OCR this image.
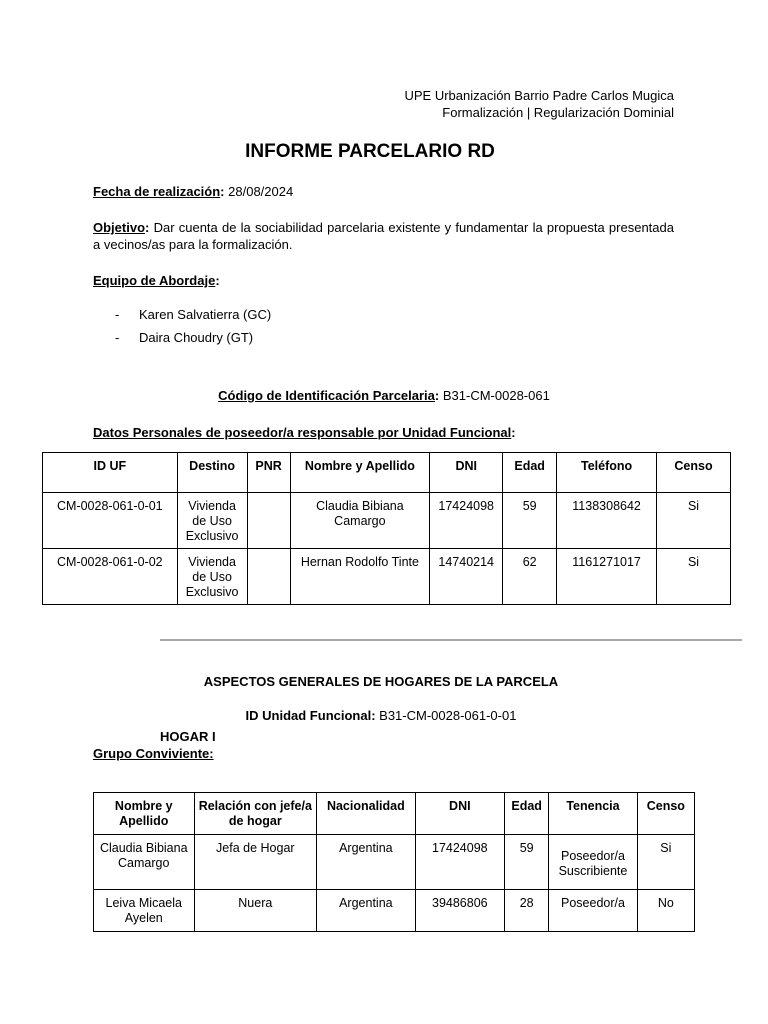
UPE Urbanización Barrio Padre Carlos Mugica
Formalización | Regularización Dominial
INFORME PARCELARIO RD
Fecha de realización: 28/08/2024
Objetivo: Dar cuenta de la sociabilidad parcelaria existente y fundamentar la propuesta presentada a vecinos/as para la formalización.
Equipo de Abordaje:
-	Karen Salvatierra (GC)
-	Daira Choudry (GT)
Código de Identificación Parcelaria: B31-CM-0028-061
Datos Personales de poseedor/a responsable por Unidad Funcional:
ID UF	Destino	PNR	Nombre y Apellido	DNI	Edad	Teléfono	Censo
CM-0028-061-0-01	Vivienda de Uso Exclusivo		Claudia Bibiana Camargo	17424098	59	1138308642	Si
CM-0028-061-0-02	Vivienda de Uso Exclusivo		Hernan Rodolfo Tinte	14740214	62	1161271017	Si
ASPECTOS GENERALES DE HOGARES DE LA PARCELA
ID Unidad Funcional: B31-CM-0028-061-0-01
HOGAR I
Grupo Conviviente:
Nombre y Apellido	Relación con jefe/a de hogar	Nacionalidad	DNI	Edad	Tenencia	Censo
Claudia Bibiana Camargo	Jefa de Hogar	Argentina	17424098	59	Poseedor/a Suscribiente	Si
Leiva Micaela Ayelen	Nuera	Argentina	39486806	28	Poseedor/a	No
